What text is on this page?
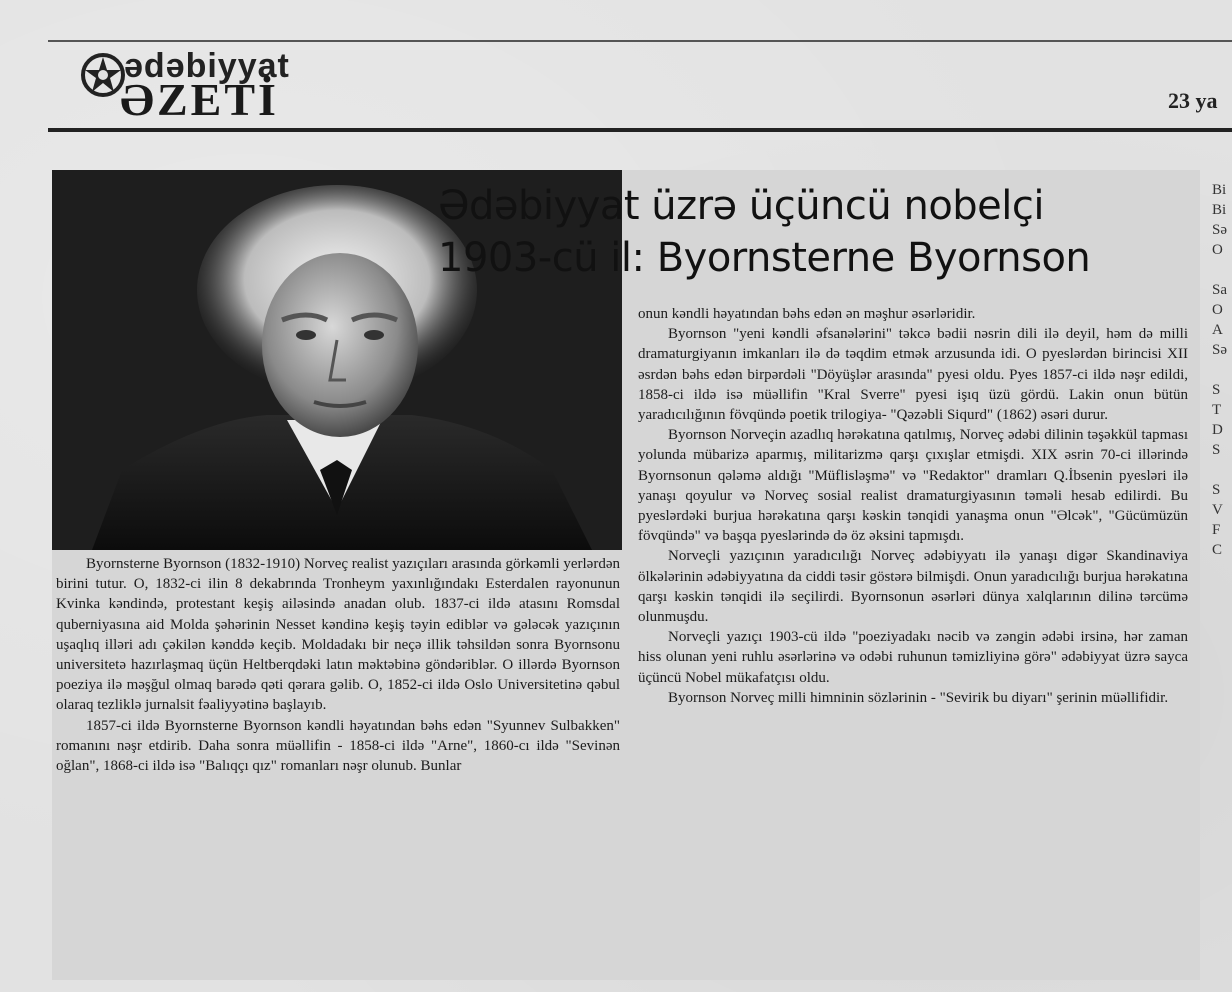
ədəbiyyat
ƏZETİ	23 ya
Ədəbiyyat üzrə üçüncü nobelçi
1903-cü il: Byornsterne Byornson

Byornsterne Byornson (1832-1910) Norveç realist yazıçıları arasında görkəmli yerlərdən birini tutur. O, 1832-ci ilin 8 dekabrında Tronheym yaxınlığındakı Esterdalen rayonunun Kvinka kəndində, protestant keşiş ailəsində anadan olub. 1837-ci ildə atasını Romsdal quberniyasına aid Molda şəhərinin Nesset kəndinə keşiş təyin ediblər və gələcək yazıçının uşaqlıq illəri adı çəkilən kənddə keçib. Moldadakı bir neçə illik təhsildən sonra Byornsonu universitetə hazırlaşmaq üçün Heltberqdəki latın məktəbinə göndəriblər. O illərdə Byornson poeziya ilə məşğul olmaq barədə qəti qərara gəlib. O, 1852-ci ildə Oslo Universitetinə qəbul olaraq tezliklə jurnalsit fəaliyyətinə başlayıb.

1857-ci ildə Byornsterne Byornson kəndli həyatından bəhs edən "Syunnev Sulbakken" romanını nəşr etdirib. Daha sonra müəllifin - 1858-ci ildə "Arne", 1860-cı ildə "Sevinən oğlan", 1868-ci ildə isə "Balıqçı qız" romanları nəşr olunub. Bunlar

onun kəndli həyatından bəhs edən ən məşhur əsərləridir.

Byornson "yeni kəndli əfsanələrini" təkcə bədii nəsrin dili ilə deyil, həm də milli dramaturgiyanın imkanları ilə də təqdim etmək arzusunda idi. O pyeslərdən birincisi XII əsrdən bəhs edən birpərdəli "Döyüşlər arasında" pyesi oldu. Pyes 1857-ci ildə nəşr edildi, 1858-ci ildə isə müəllifin "Kral Sverre" pyesi işıq üzü gördü. Lakin onun bütün yaradıcılığının fövqündə poetik trilogiya- "Qəzəbli Siqurd" (1862) əsəri durur.

Byornson Norveçin azadlıq hərəkatına qatılmış, Norveç ədəbi dilinin təşəkkül tapması yolunda mübarizə aparmış, militarizmə qarşı çıxışlar etmişdi. XIX əsrin 70-ci illərində Byornsonun qələmə aldığı "Müflisləşmə" və "Redaktor" dramları Q.İbsenin pyesləri ilə yanaşı qoyulur və Norveç sosial realist dramaturgiyasının təməli hesab edilirdi. Bu pyeslərdəki burjua hərəkatına qarşı kəskin tənqidi yanaşma onun "Əlcək", "Gücümüzün fövqündə" və başqa pyeslərində də öz əksini tapmışdı.

Norveçli yazıçının yaradıcılığı Norveç ədəbiyyatı ilə yanaşı digər Skandinaviya ölkələrinin ədəbiyyatına da ciddi təsir göstərə bilmişdi. Onun yaradıcılığı burjua hərəkatına qarşı kəskin tənqidi ilə seçilirdi. Byornsonun əsərləri dünya xalqlarının dilinə tərcümə olunmuşdu.

Norveçli yazıçı 1903-cü ildə "poeziyadakı nəcib və zəngin ədəbi irsinə, hər zaman hiss olunan yeni ruhlu əsərlərinə və odəbi ruhunun təmizliyinə görə" ədəbiyyat üzrə sayca üçüncü Nobel mükafatçısı oldu.

Byornson Norveç milli himninin sözlərinin - "Sevirik bu diyarı" şerinin müəllifidir.

Bi
Bi
Sə
O
Sa
O
A
Sə
S
T
D
S
S
V
F
C
